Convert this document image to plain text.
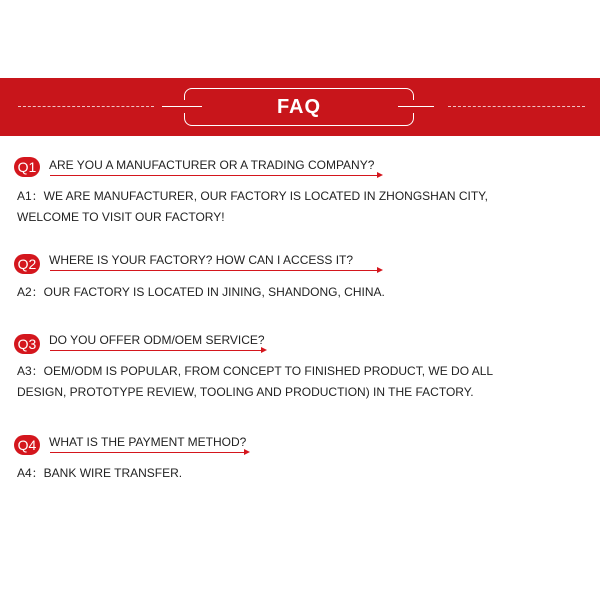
FAQ
Q1	ARE YOU A MANUFACTURER OR A TRADING COMPANY?
A1：WE ARE MANUFACTURER, OUR FACTORY IS LOCATED IN ZHONGSHAN CITY,
WELCOME TO VISIT OUR FACTORY!
Q2	WHERE IS YOUR FACTORY? HOW CAN I ACCESS IT?
A2：OUR FACTORY IS LOCATED IN JINING, SHANDONG, CHINA.
Q3	DO YOU OFFER ODM/OEM SERVICE?
A3：OEM/ODM IS POPULAR, FROM CONCEPT TO FINISHED PRODUCT, WE DO ALL
DESIGN, PROTOTYPE REVIEW, TOOLING AND PRODUCTION) IN THE FACTORY.
Q4	WHAT IS THE PAYMENT METHOD?
A4：BANK WIRE TRANSFER.
